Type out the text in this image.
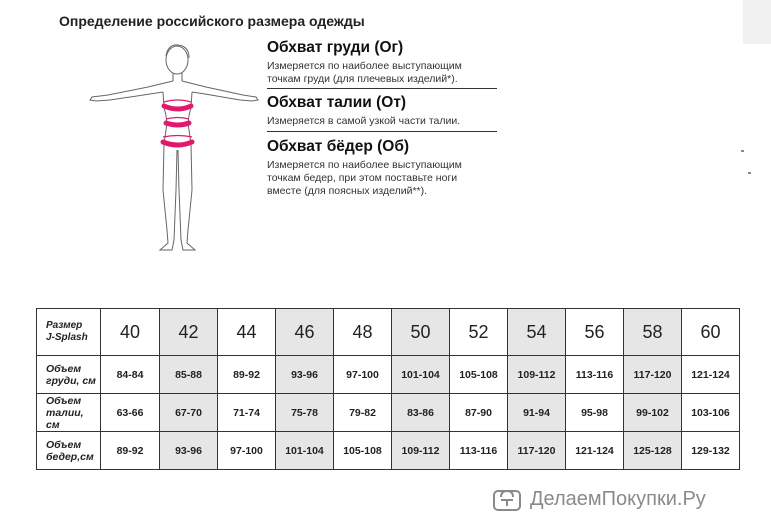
Определение российского размера одежды
Обхват груди (Ог)
Измеряется по наиболее выступающим
точкам груди (для плечевых изделий*).
Обхват талии (От)
Измеряется в самой узкой части талии.
Обхват бёдер (Об)
Измеряется по наиболее выступающим
точкам бедер, при этом поставьте ноги
вместе (для поясных изделий**).
Размер
J-Splash	40	42	44	46	48	50	52	54	56	58	60

Объем
груди, см	84-84	85-88	89-92	93-96	97-100	101-104	105-108	109-112	113-116	117-120	121-124

Объем
талии, см	63-66	67-70	71-74	75-78	79-82	83-86	87-90	91-94	95-98	99-102	103-106

Объем
бедер,см	89-92	93-96	97-100	101-104	105-108	109-112	113-116	117-120	121-124	125-128	129-132
ДелаемПокупки.Ру
